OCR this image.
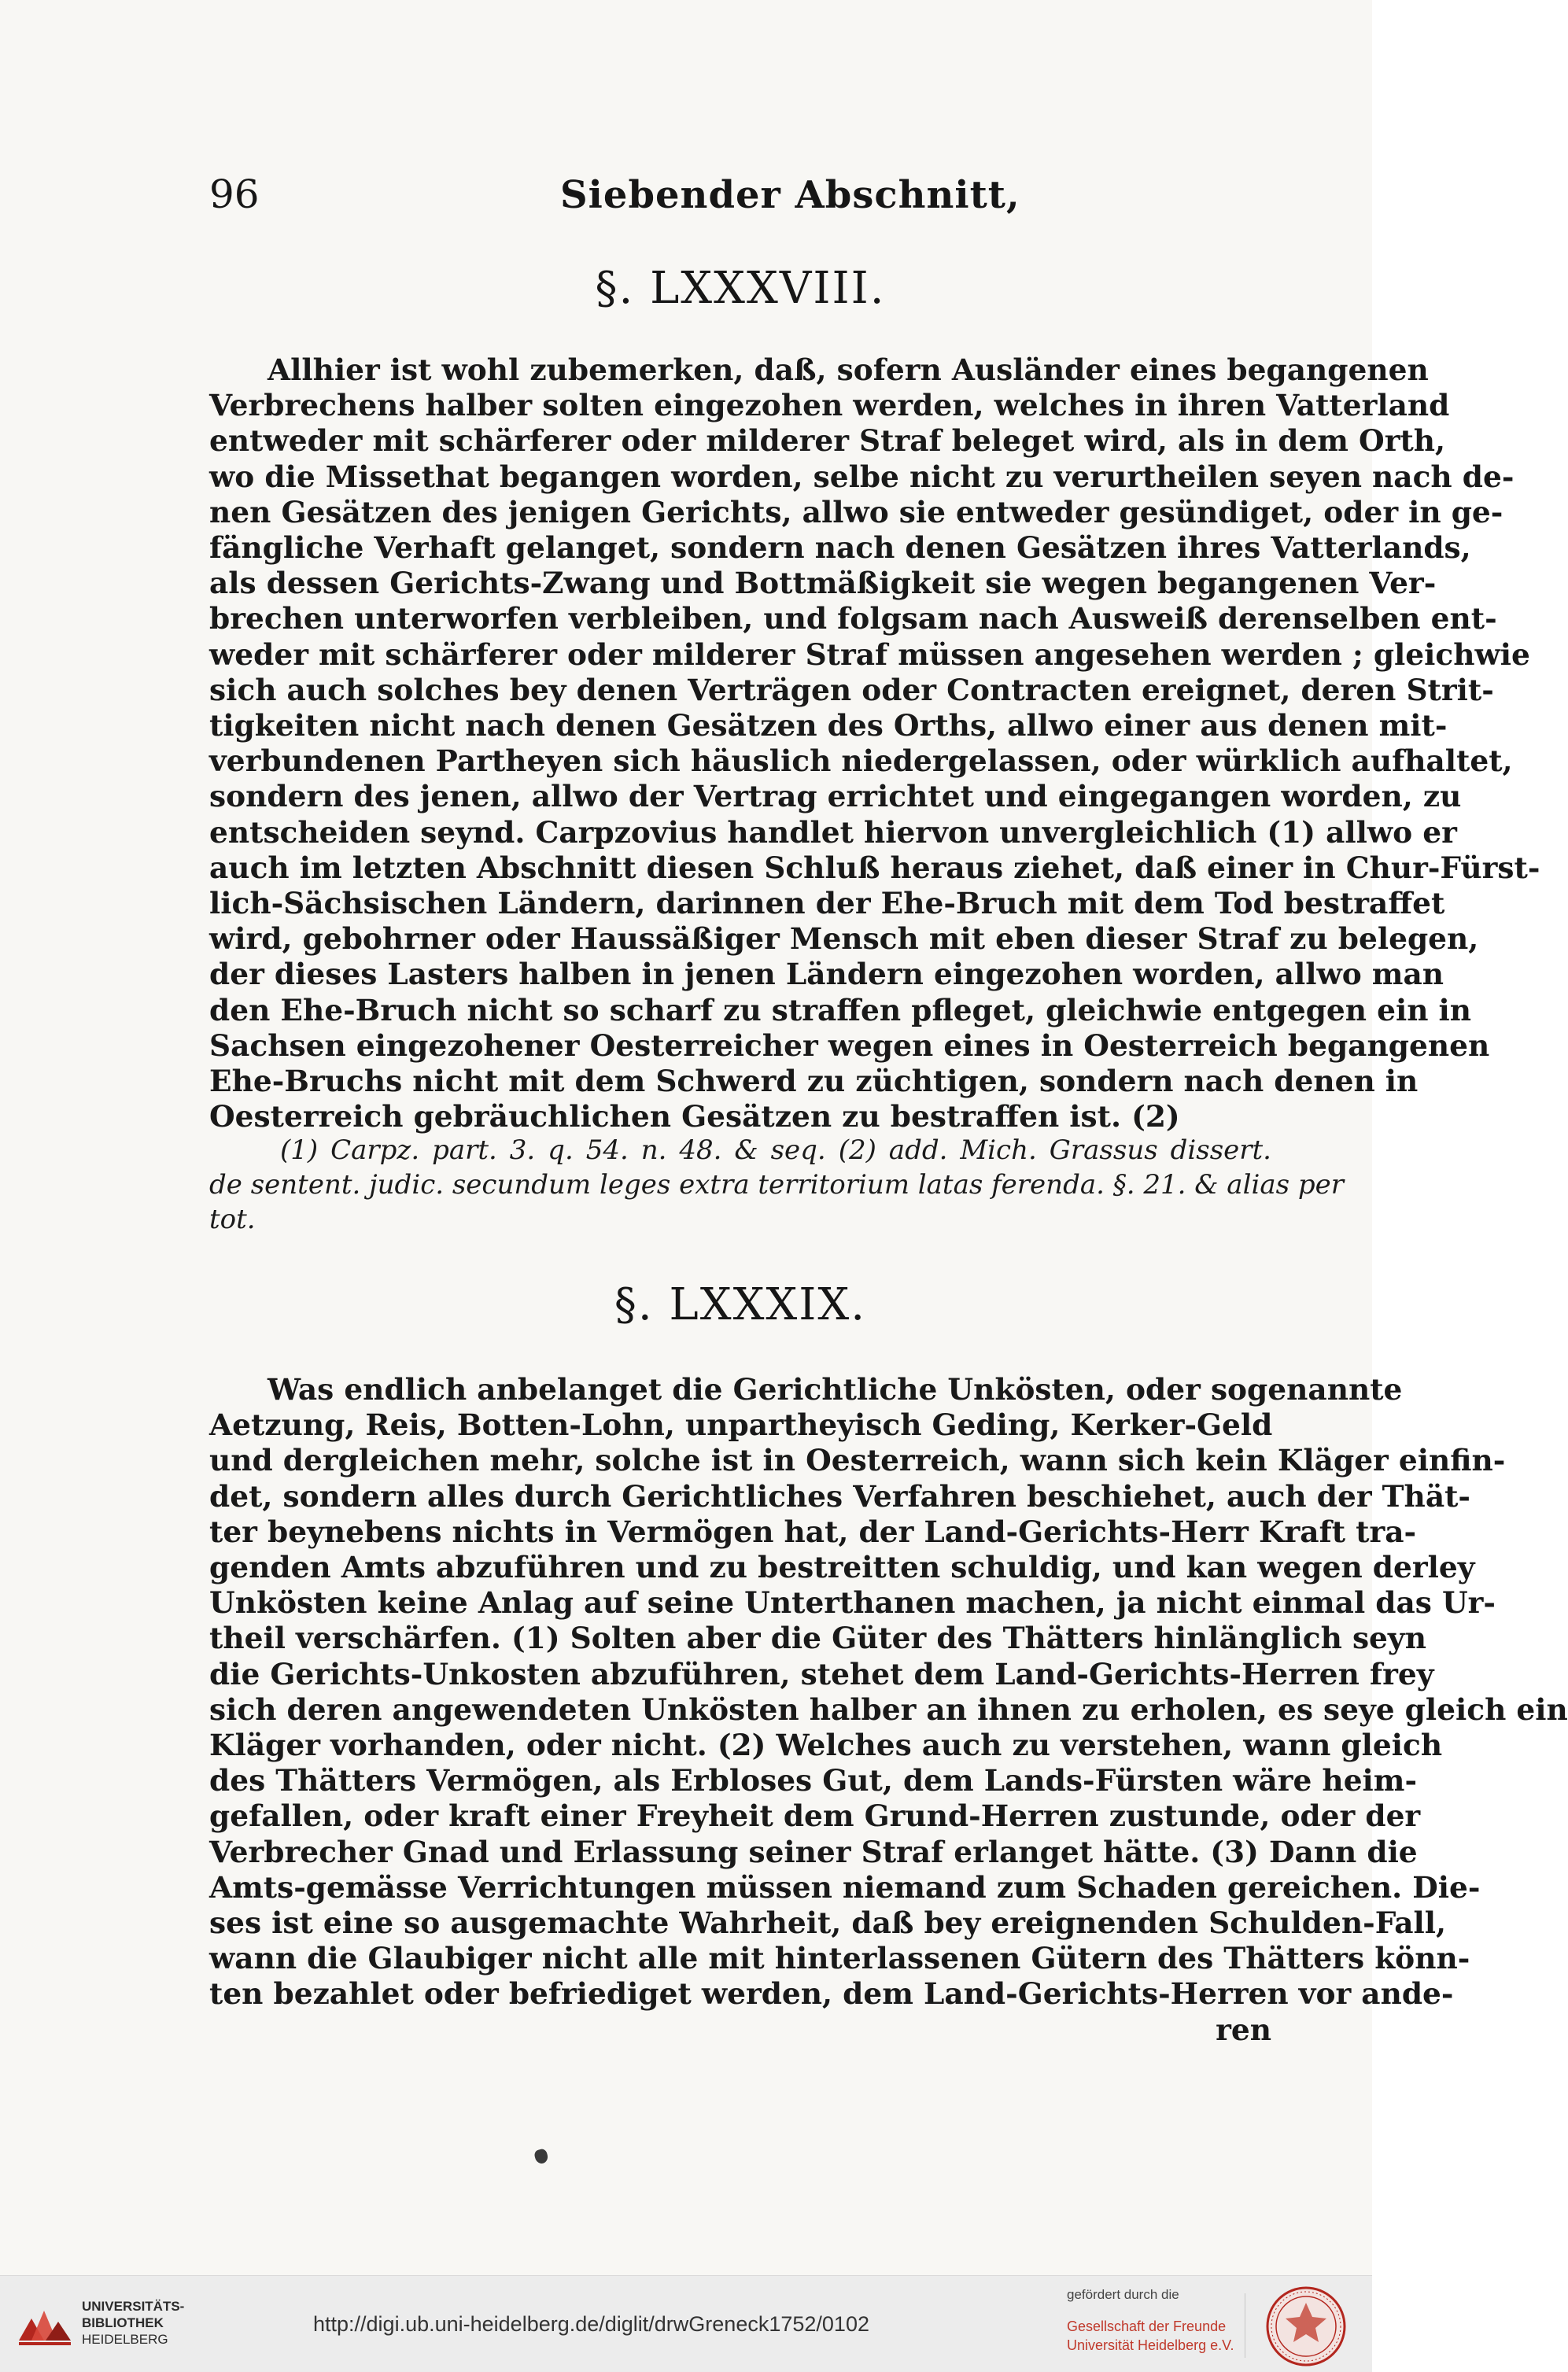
96	Siebender Abschnitt,
§. LXXXVIII.
Allhier ist wohl zubemerken, daß, sofern Ausländer eines begangenen
Verbrechens halber solten eingezohen werden, welches in ihren Vatterland
entweder mit schärferer oder milderer Straf beleget wird, als in dem Orth,
wo die Missethat begangen worden, selbe nicht zu verurtheilen seyen nach de-
nen Gesätzen des jenigen Gerichts, allwo sie entweder gesündiget, oder in ge-
fängliche Verhaft gelanget, sondern nach denen Gesätzen ihres Vatterlands,
als dessen Gerichts-Zwang und Bottmäßigkeit sie wegen begangenen Ver-
brechen unterworfen verbleiben, und folgsam nach Ausweiß derenselben ent-
weder mit schärferer oder milderer Straf müssen angesehen werden ; gleichwie
sich auch solches bey denen Verträgen oder Contracten ereignet, deren Strit-
tigkeiten nicht nach denen Gesätzen des Orths, allwo einer aus denen mit-
verbundenen Partheyen sich häuslich niedergelassen, oder würklich aufhaltet,
sondern des jenen, allwo der Vertrag errichtet und eingegangen worden, zu
entscheiden seynd. Carpzovius handlet hiervon unvergleichlich (1) allwo er
auch im letzten Abschnitt diesen Schluß heraus ziehet, daß einer in Chur-Fürst-
lich-Sächsischen Ländern, darinnen der Ehe-Bruch mit dem Tod bestraffet
wird, gebohrner oder Haussäßiger Mensch mit eben dieser Straf zu belegen,
der dieses Lasters halben in jenen Ländern eingezohen worden, allwo man
den Ehe-Bruch nicht so scharf zu straffen pfleget, gleichwie entgegen ein in
Sachsen eingezohener Oesterreicher wegen eines in Oesterreich begangenen
Ehe-Bruchs nicht mit dem Schwerd zu züchtigen, sondern nach denen in
Oesterreich gebräuchlichen Gesätzen zu bestraffen ist. (2)
(1) Carpz. part. 3. q. 54. n. 48. & seq. (2) add. Mich. Grassus dissert.
de sentent. judic. secundum leges extra territorium latas ferenda. §. 21. & alias per
tot.
§. LXXXIX.
Was endlich anbelanget die Gerichtliche Unkösten, oder sogenannte
Aetzung, Reis, Botten-Lohn, unpartheyisch Geding, Kerker-Geld
und dergleichen mehr, solche ist in Oesterreich, wann sich kein Kläger einfin-
det, sondern alles durch Gerichtliches Verfahren beschiehet, auch der Thät-
ter beynebens nichts in Vermögen hat, der Land-Gerichts-Herr Kraft tra-
genden Amts abzuführen und zu bestreitten schuldig, und kan wegen derley
Unkösten keine Anlag auf seine Unterthanen machen, ja nicht einmal das Ur-
theil verschärfen. (1) Solten aber die Güter des Thätters hinlänglich seyn
die Gerichts-Unkosten abzuführen, stehet dem Land-Gerichts-Herren frey
sich deren angewendeten Unkösten halber an ihnen zu erholen, es seye gleich ein
Kläger vorhanden, oder nicht. (2) Welches auch zu verstehen, wann gleich
des Thätters Vermögen, als Erbloses Gut, dem Lands-Fürsten wäre heim-
gefallen, oder kraft einer Freyheit dem Grund-Herren zustunde, oder der
Verbrecher Gnad und Erlassung seiner Straf erlanget hätte. (3) Dann die
Amts-gemässe Verrichtungen müssen niemand zum Schaden gereichen. Die-
ses ist eine so ausgemachte Wahrheit, daß bey ereignenden Schulden-Fall,
wann die Glaubiger nicht alle mit hinterlassenen Gütern des Thätters könn-
ten bezahlet oder befriediget werden, dem Land-Gerichts-Herren vor ande-
ren
UNIVERSITÄTS-
BIBLIOTHEK
HEIDELBERG
http://digi.ub.uni-heidelberg.de/diglit/drwGreneck1752/0102
gefördert durch die
Gesellschaft der Freunde
Universität Heidelberg e.V.
